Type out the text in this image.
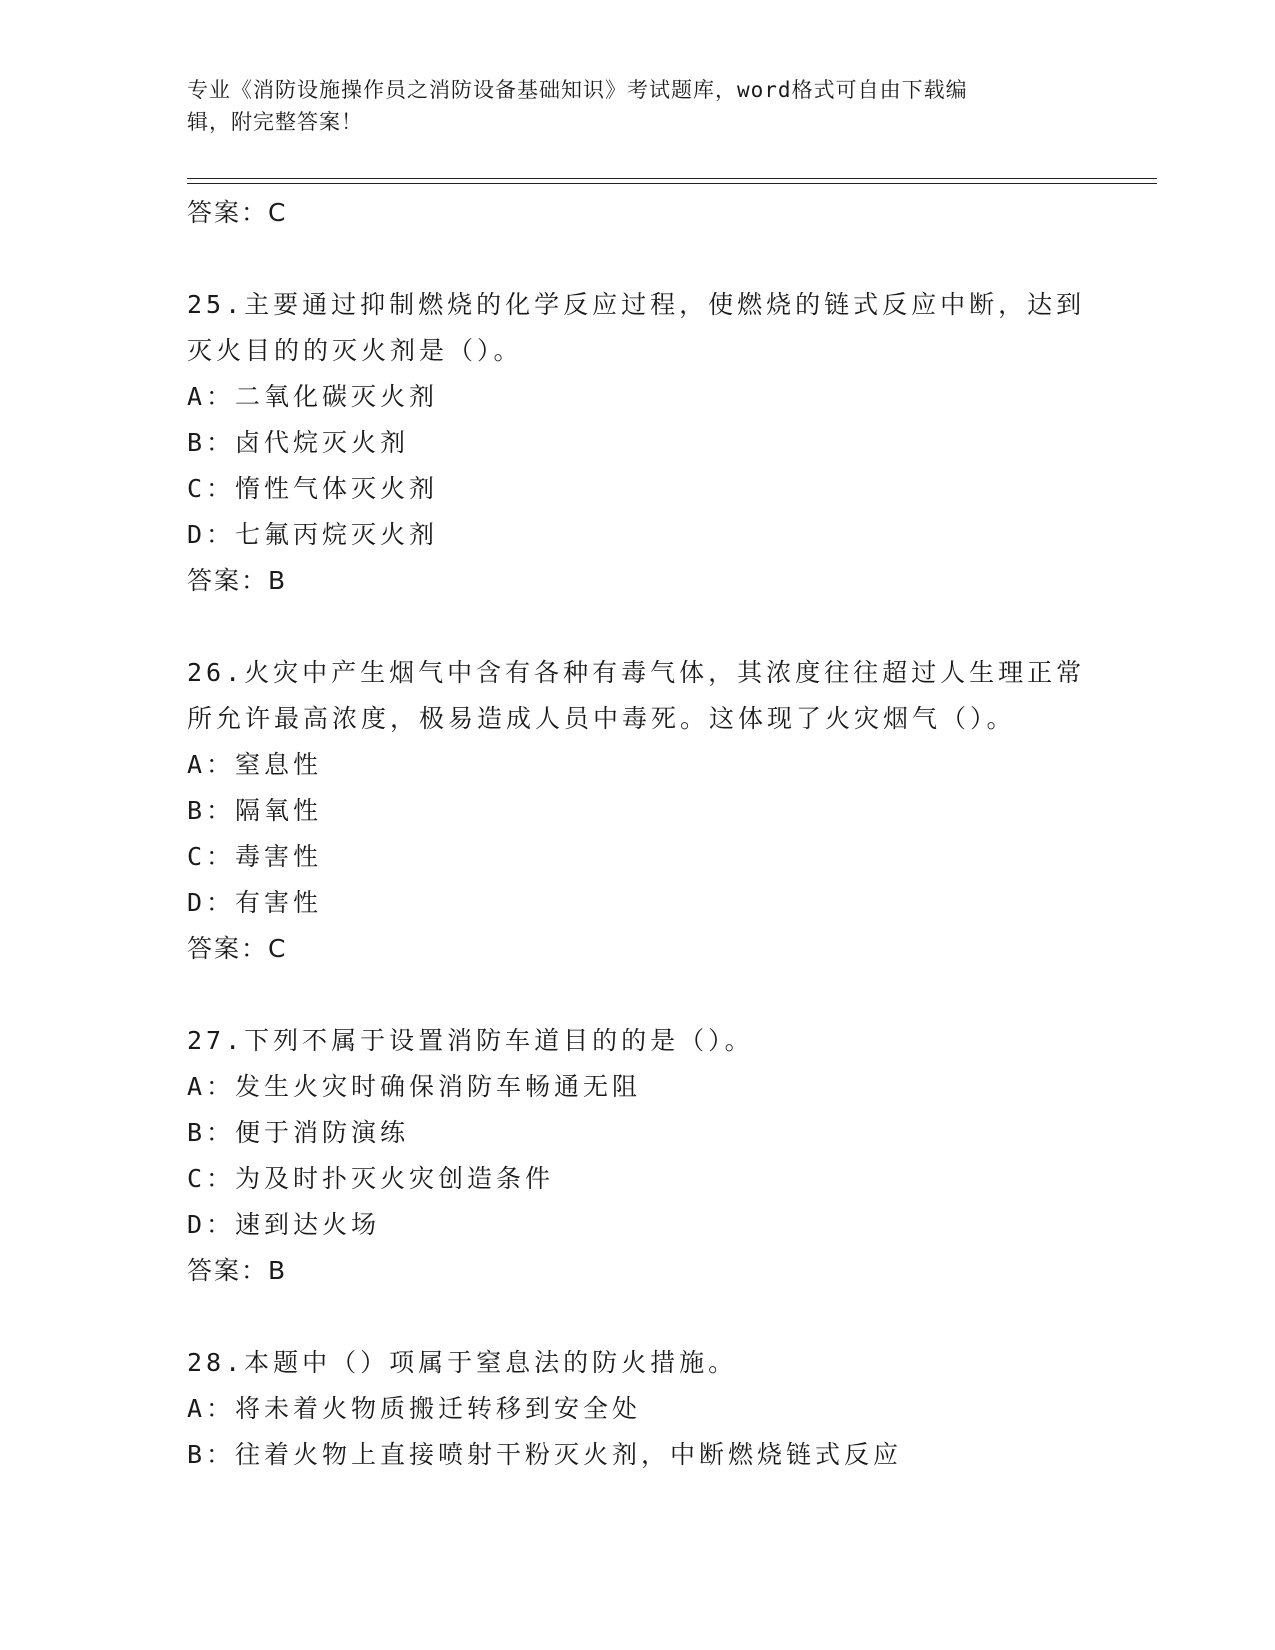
专业《消防设施操作员之消防设备基础知识》考试题库，word格式可自由下载编
辑，附完整答案！
答案：C
25.主要通过抑制燃烧的化学反应过程，使燃烧的链式反应中断，达到
灭火目的的灭火剂是（）。
A：二氧化碳灭火剂
B：卤代烷灭火剂
C：惰性气体灭火剂
D：七氟丙烷灭火剂
答案：B
26.火灾中产生烟气中含有各种有毒气体，其浓度往往超过人生理正常
所允许最高浓度，极易造成人员中毒死。这体现了火灾烟气（）。
A：窒息性
B：隔氧性
C：毒害性
D：有害性
答案：C
27.下列不属于设置消防车道目的的是（）。
A：发生火灾时确保消防车畅通无阻
B：便于消防演练
C：为及时扑灭火灾创造条件
D：速到达火场
答案：B
28.本题中（）项属于窒息法的防火措施。
A：将未着火物质搬迁转移到安全处
B：往着火物上直接喷射干粉灭火剂，中断燃烧链式反应
